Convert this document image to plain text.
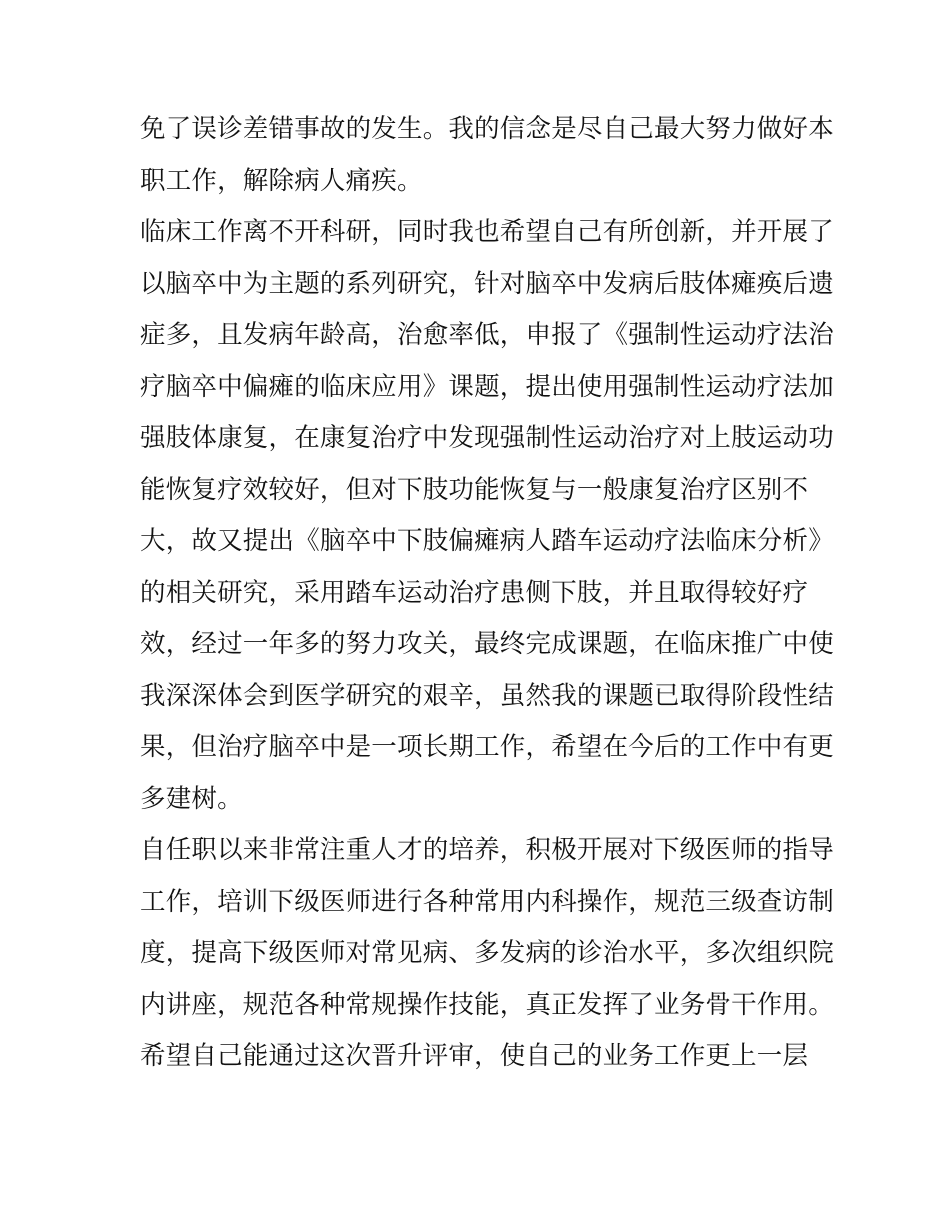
免了误诊差错事故的发生。我的信念是尽自己最大努力做好本
职工作，解除病人痛疾。
临床工作离不开科研，同时我也希望自己有所创新，并开展了
以脑卒中为主题的系列研究，针对脑卒中发病后肢体瘫痪后遗
症多，且发病年龄高，治愈率低，申报了《强制性运动疗法治
疗脑卒中偏瘫的临床应用》课题，提出使用强制性运动疗法加
强肢体康复，在康复治疗中发现强制性运动治疗对上肢运动功
能恢复疗效较好，但对下肢功能恢复与一般康复治疗区别不
大，故又提出《脑卒中下肢偏瘫病人踏车运动疗法临床分析》
的相关研究，采用踏车运动治疗患侧下肢，并且取得较好疗
效，经过一年多的努力攻关，最终完成课题，在临床推广中使
我深深体会到医学研究的艰辛，虽然我的课题已取得阶段性结
果，但治疗脑卒中是一项长期工作，希望在今后的工作中有更
多建树。
自任职以来非常注重人才的培养，积极开展对下级医师的指导
工作，培训下级医师进行各种常用内科操作，规范三级查访制
度，提高下级医师对常见病、多发病的诊治水平，多次组织院
内讲座，规范各种常规操作技能，真正发挥了业务骨干作用。
希望自己能通过这次晋升评审，使自己的业务工作更上一层
